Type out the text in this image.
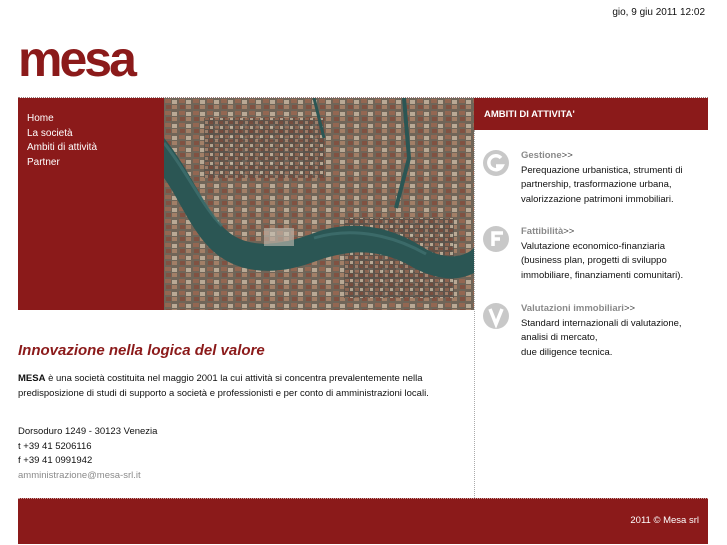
gio, 9 giu 2011 12:02
mesa
Home
La società
Ambiti di attività
Partner
AMBITI DI ATTIVITA'
Gestione>>
Perequazione urbanistica, strumenti di
partnership, trasformazione urbana,
valorizzazione patrimoni immobiliari.
Fattibilità>>
Valutazione economico-finanziaria
(business plan, progetti di sviluppo
immobiliare, finanziamenti comunitari).
Valutazioni immobiliari>>
Standard internazionali di valutazione,
analisi di mercato,
due diligence tecnica.
Innovazione nella logica del valore
MESA è una società costituita nel maggio 2001 la cui attività si concentra prevalentemente nella
predisposizione di studi di supporto a società e professionisti e per conto di amministrazioni locali.
Dorsoduro 1249 - 30123 Venezia
t +39 41 5206116
f +39 41 0991942
amministrazione@mesa-srl.it
2011 © Mesa srl
